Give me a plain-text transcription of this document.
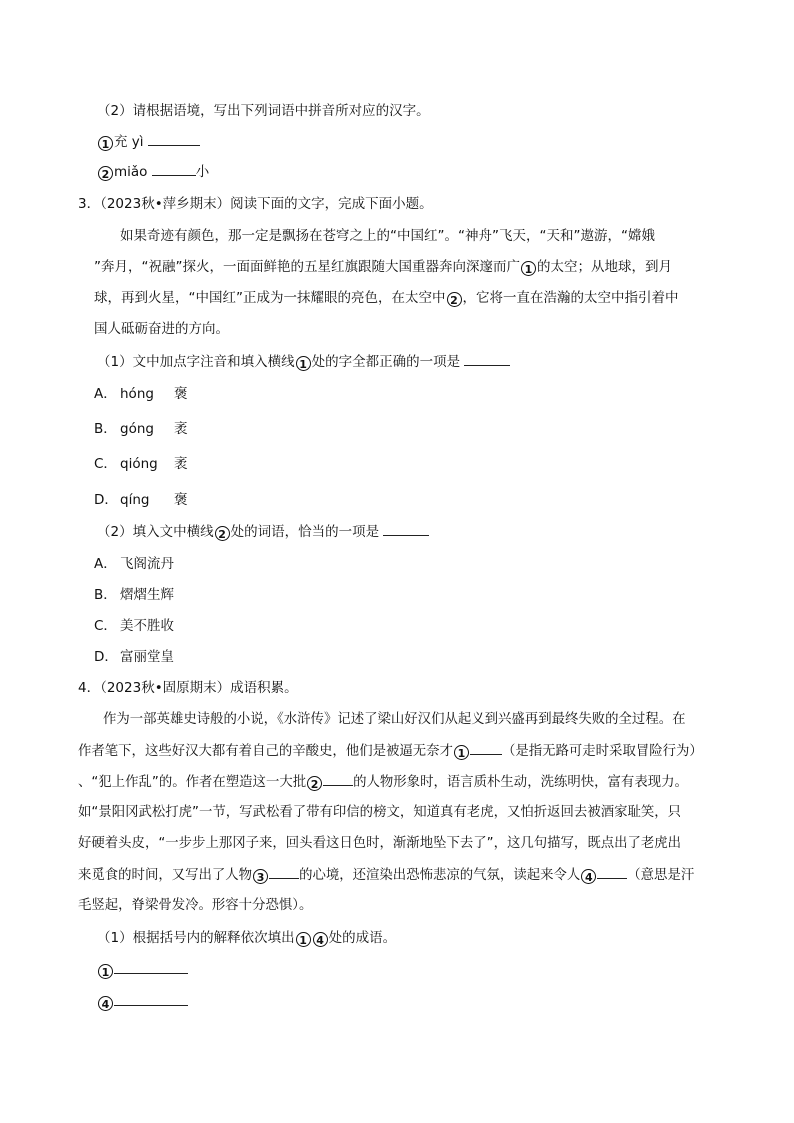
（2）请根据语境，写出下列词语中拼音所对应的汉字。
1 充 yì
2 miǎo	小
3．（2023秋•萍乡期末）阅读下面的文字，完成下面小题。
如果奇迹有颜色，那一定是飘扬在苍穹之上的“中国红”。“神舟”飞天，“天和”遨游，“嫦娥
”奔月，“祝融”探火，一面面鲜艳的五星红旗跟随大国重器奔向深邃而广 1 的太空；从地球，到月
球，再到火星，“中国红”正成为一抹耀眼的亮色，在太空中 2 ，它将一直在浩瀚的太空中指引着中
国人砥砺奋进的方向。
（1）文中加点字注音和填入横线 1 处的字全都正确的一项是
A． hóng 褒
B． góng 袤
C． qióng 袤
D． qíng 褒
（2）填入文中横线 2 处的词语，恰当的一项是
A． 飞阁流丹
B． 熠熠生辉
C． 美不胜收
D． 富丽堂皇
4．（2023秋•固原期末）成语积累。
作为一部英雄史诗般的小说，《水浒传》记述了梁山好汉们从起义到兴盛再到最终失败的全过程。在
作者笔下，这些好汉大都有着自己的辛酸史，他们是被逼无奈才 1	（是指无路可走时采取冒险行为）
、“犯上作乱”的。作者在塑造这一大批 2	的人物形象时，语言质朴生动，洗练明快，富有表现力。
如“景阳冈武松打虎”一节，写武松看了带有印信的榜文，知道真有老虎，又怕折返回去被酒家耻笑，只
好硬着头皮，“一步步上那冈子来，回头看这日色时，渐渐地坠下去了”，这几句描写，既点出了老虎出
来觅食的时间，又写出了人物 3	的心境，还渲染出恐怖悲凉的气氛，读起来令人 4	（意思是汗
毛竖起，脊梁骨发冷。形容十分恐惧）。
（1）根据括号内的解释依次填出 1 4 处的成语。
1
4
